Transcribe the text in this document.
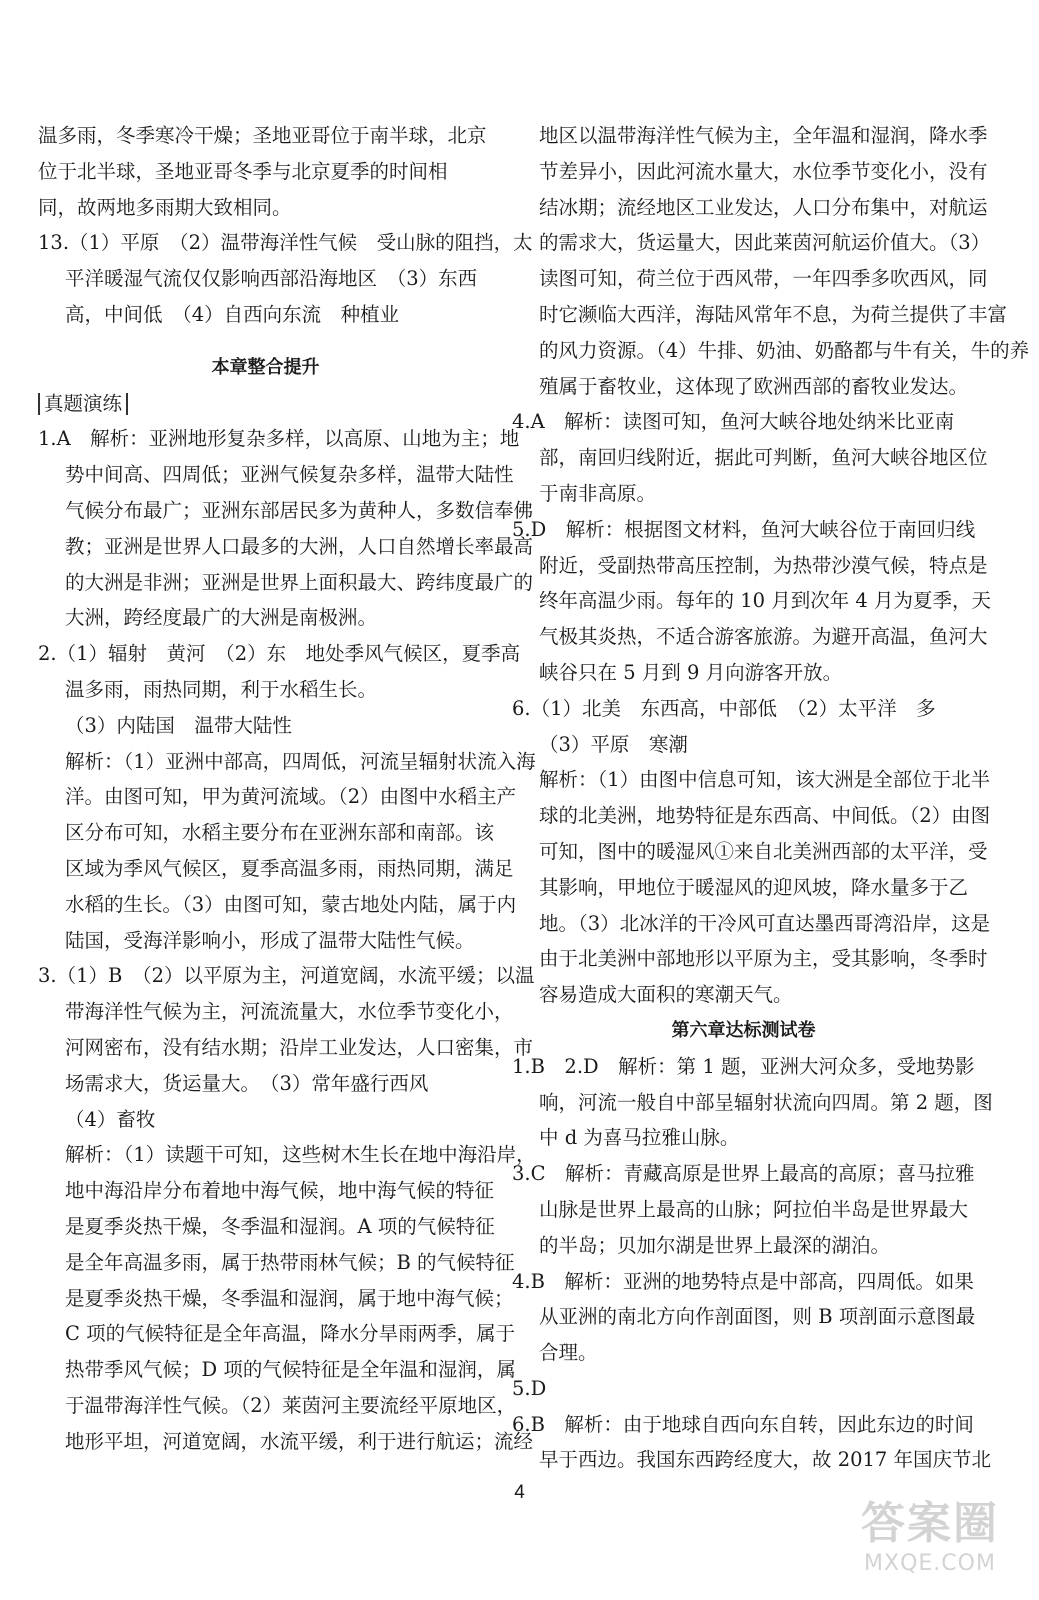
温多雨，冬季寒冷干燥；圣地亚哥位于南半球，北京
位于北半球，圣地亚哥冬季与北京夏季的时间相
同，故两地多雨期大致相同。
13.（1）平原　（2）温带海洋性气候　受山脉的阻挡，太
平洋暖湿气流仅仅影响西部沿海地区　（3）东西
高，中间低　（4）自西向东流　种植业
本章整合提升
真题演练
1.A　解析：亚洲地形复杂多样，以高原、山地为主；地
势中间高、四周低；亚洲气候复杂多样，温带大陆性
气候分布最广；亚洲东部居民多为黄种人，多数信奉佛
教；亚洲是世界人口最多的大洲，人口自然增长率最高
的大洲是非洲；亚洲是世界上面积最大、跨纬度最广的
大洲，跨经度最广的大洲是南极洲。
2.（1）辐射　黄河　（2）东　地处季风气候区，夏季高
温多雨，雨热同期，利于水稻生长。
（3）内陆国　温带大陆性
解析：（1）亚洲中部高，四周低，河流呈辐射状流入海
洋。由图可知，甲为黄河流域。（2）由图中水稻主产
区分布可知，水稻主要分布在亚洲东部和南部。该
区域为季风气候区，夏季高温多雨，雨热同期，满足
水稻的生长。（3）由图可知，蒙古地处内陆，属于内
陆国，受海洋影响小，形成了温带大陆性气候。
3.（1）B　（2）以平原为主，河道宽阔，水流平缓；以温
带海洋性气候为主，河流流量大，水位季节变化小，
河网密布，没有结水期；沿岸工业发达，人口密集，市
场需求大，货运量大。　（3）常年盛行西风
（4）畜牧
解析：（1）读题干可知，这些树木生长在地中海沿岸，
地中海沿岸分布着地中海气候，地中海气候的特征
是夏季炎热干燥，冬季温和湿润。A 项的气候特征
是全年高温多雨，属于热带雨林气候；B 的气候特征
是夏季炎热干燥，冬季温和湿润，属于地中海气候；
C 项的气候特征是全年高温，降水分旱雨两季，属于
热带季风气候；D 项的气候特征是全年温和湿润，属
于温带海洋性气候。（2）莱茵河主要流经平原地区，
地形平坦，河道宽阔，水流平缓，利于进行航运；流经
地区以温带海洋性气候为主，全年温和湿润，降水季
节差异小，因此河流水量大，水位季节变化小，没有
结冰期；流经地区工业发达，人口分布集中，对航运
的需求大，货运量大，因此莱茵河航运价值大。（3）
读图可知，荷兰位于西风带，一年四季多吹西风，同
时它濒临大西洋，海陆风常年不息，为荷兰提供了丰富
的风力资源。（4）牛排、奶油、奶酪都与牛有关，牛的养
殖属于畜牧业，这体现了欧洲西部的畜牧业发达。
4.A　解析：读图可知，鱼河大峡谷地处纳米比亚南
部，南回归线附近，据此可判断，鱼河大峡谷地区位
于南非高原。
5.D　解析：根据图文材料，鱼河大峡谷位于南回归线
附近，受副热带高压控制，为热带沙漠气候，特点是
终年高温少雨。每年的 10 月到次年 4 月为夏季，天
气极其炎热，不适合游客旅游。为避开高温，鱼河大
峡谷只在 5 月到 9 月向游客开放。
6.（1）北美　东西高，中部低　（2）太平洋　多
（3）平原　寒潮
解析：（1）由图中信息可知，该大洲是全部位于北半
球的北美洲，地势特征是东西高、中间低。（2）由图
可知，图中的暖湿风①来自北美洲西部的太平洋，受
其影响，甲地位于暖湿风的迎风坡，降水量多于乙
地。（3）北冰洋的干冷风可直达墨西哥湾沿岸，这是
由于北美洲中部地形以平原为主，受其影响，冬季时
容易造成大面积的寒潮天气。
第六章达标测试卷
1.B　2.D　解析：第 1 题，亚洲大河众多，受地势影
响，河流一般自中部呈辐射状流向四周。第 2 题，图
中 d 为喜马拉雅山脉。
3.C　解析：青藏高原是世界上最高的高原；喜马拉雅
山脉是世界上最高的山脉；阿拉伯半岛是世界最大
的半岛；贝加尔湖是世界上最深的湖泊。
4.B　解析：亚洲的地势特点是中部高，四周低。如果
从亚洲的南北方向作剖面图，则 B 项剖面示意图最
合理。
5.D
6.B　解析：由于地球自西向东自转，因此东边的时间
早于西边。我国东西跨经度大，故 2017 年国庆节北
4
答案圈
MXQE.COM
